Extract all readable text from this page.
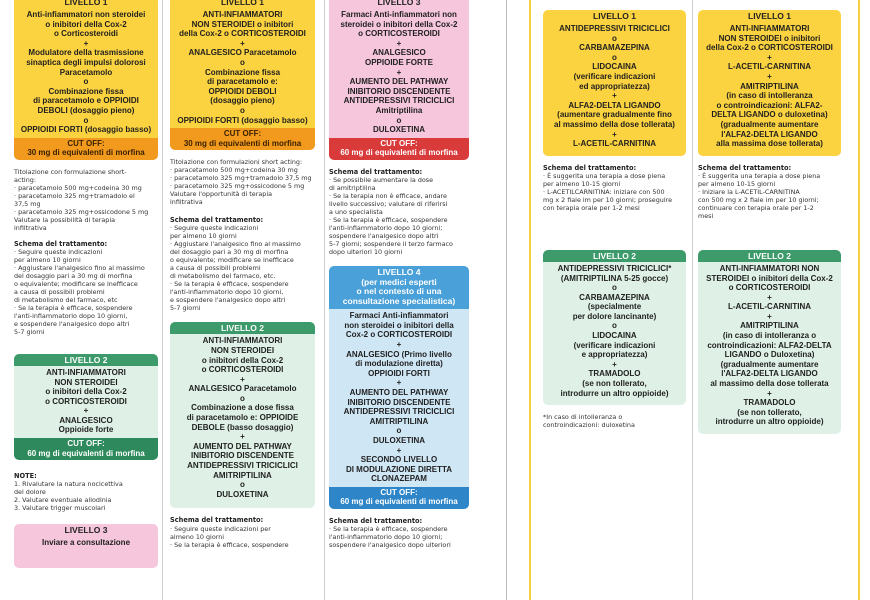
LIVELLO 1
Anti-infiammatori non steroidei
o inibitori della Cox-2
o Corticosteroidi
+
Modulatore della trasmissione
sinaptica degli impulsi dolorosi
Paracetamolo
o
Combinazione fissa
di paracetamolo e OPPIOIDI
DEBOLI (dosaggio pieno)
o
OPPIOIDI FORTI (dosaggio basso)
CUT OFF:
30 mg di equivalenti di morfina
Titolazione con formulazione short-
acting:
· paracetamolo 500 mg+codeina 30 mg
· paracetamolo 325 mg+tramadolo el
37,5 mg
· paracetamolo 325 mg+ossicodone 5 mg
Valutare la possibilità di terapia
infiltrativa
Schema del trattamento:
· Seguire queste indicazioni
per almeno 10 giorni
· Aggiustare l'analgesico fino al massimo
del dosaggio pari a 30 mg di morfina
o equivalente; modificare se inefficace
a causa di possibili problemi
di metabolismo del farmaco, etc
· Se la terapia è efficace, sospendere
l'anti-infiammatorio dopo 10 giorni,
e sospendere l'analgesico dopo altri
5-7 giorni
LIVELLO 2
ANTI-INFIAMMATORI
NON STEROIDEI
o inibitori della Cox-2
o CORTICOSTEROIDI
+
ANALGESICO
Oppioide forte
CUT OFF:
60 mg di equivalenti di morfina
NOTE:
1. Rivalutare la natura nocicettiva
del dolore
2. Valutare eventuale allodinia
3. Valutare trigger muscolari
LIVELLO 3
Inviare a consultazione
LIVELLO 1
ANTI-INFIAMMATORI
NON STEROIDEI o inibitori
della Cox-2 o CORTICOSTEROIDI
+
ANALGESICO Paracetamolo
o
Combinazione fissa
di paracetamolo e:
OPPIOIDI DEBOLI
(dosaggio pieno)
o
OPPIOIDI FORTI (dosaggio basso)
CUT OFF:
30 mg di equivalenti di morfina
Titolazione con formulazioni short acting:
· paracetamolo 500 mg+codeina 30 mg
· paracetamolo 325 mg+tramadolo 37,5 mg
· paracetamolo 325 mg+ossicodone 5 mg
Valutare l'opportunità di terapia
infiltrativa
Schema del trattamento:
· Seguire queste indicazioni
per almeno 10 giorni
· Aggiustare l'analgesico fino al massimo
del dosaggio pari a 30 mg di morfina
o equivalente; modificare se inefficace
a causa di possibili problemi
di metabolismo del farmaco, etc.
· Se la terapia è efficace, sospendere
l'anti-infiammatorio dopo 10 giorni,
e sospendere l'analgesico dopo altri
5-7 giorni
LIVELLO 2
ANTI-INFIAMMATORI
NON STEROIDEI
o inibitori della Cox-2
o CORTICOSTEROIDI
+
ANALGESICO Paracetamolo
o
Combinazione a dose fissa
di paracetamolo e: OPPIOIDE
DEBOLE (basso dosaggio)
+
AUMENTO DEL PATHWAY
INIBITORIO DISCENDENTE
ANTIDEPRESSIVI TRICICLICI
AMITRIPTILINA
o
DULOXETINA
Schema del trattamento:
· Seguire queste indicazioni per
almeno 10 giorni
· Se la terapia è efficace, sospendere
LIVELLO 3
Farmaci Anti-infiammatori non
steroidei o inibitori della Cox-2
o CORTICOSTEROIDI
+
ANALGESICO
OPPIOIDE FORTE
+
AUMENTO DEL PATHWAY
INIBITORIO DISCENDENTE
ANTIDEPRESSIVI TRICICLICI
Amitriptilina
o
DULOXETINA
CUT OFF:
60 mg di equivalenti di morfina
Schema del trattamento:
· Se possibile aumentare la dose
di amitriptilina
· Se la terapia non è efficace, andare
livello successivo; valutare di riferirsi
a uno specialista
· Se la terapia è efficace, sospendere
l'anti-infiammatorio dopo 10 giorni;
sospendere l'analgesico dopo altri
5-7 giorni; sospendere il terzo farmaco
dopo ulteriori 10 giorni
LIVELLO 4
(per medici esperti
o nel contesto di una
consultazione specialistica)
Farmaci Anti-infiammatori
non steroidei o inibitori della
Cox-2 o CORTICOSTEROIDI
+
ANALGESICO (Primo livello
di modulazione diretta)
OPPIOIDI FORTI
+
AUMENTO DEL PATHWAY
INIBITORIO DISCENDENTE
ANTIDEPRESSIVI TRICICLICI
AMITRIPTILINA
o
DULOXETINA
+
SECONDO LIVELLO
DI MODULAZIONE DIRETTA
CLONAZEPAM
CUT OFF:
60 mg di equivalenti di morfina
Schema del trattamento:
· Se la terapia è efficace, sospendere
l'anti-infiammatorio dopo 10 giorni;
sospendere l'analgesico dopo ulteriori
LIVELLO 1
ANTIDEPRESSIVI TRICICLICI
o
CARBAMAZEPINA
o
LIDOCAINA
(verificare indicazioni
ed appropriatezza)
+
ALFA2-DELTA LIGANDO
(aumentare gradualmente fino
al massimo della dose tollerata)
+
L-ACETIL-CARNITINA
Schema del trattamento:
· È suggerita una terapia a dose piena
per almeno 10-15 giorni
· L-ACETILCARNITINA: iniziare con 500
mg x 2 fiale im per 10 giorni; proseguire
con terapia orale per 1-2 mesi
LIVELLO 2
ANTIDEPRESSIVI TRICICLICI*
(AMITRIPTILINA 5-25 gocce)
o
CARBAMAZEPINA
(specialmente
per dolore lancinante)
o
LIDOCAINA
(verificare indicazioni
e appropriatezza)
+
TRAMADOLO
(se non tollerato,
introdurre un altro oppioide)
*In caso di intolleranza o
controindicazioni: duloxetina
LIVELLO 1
ANTI-INFIAMMATORI
NON STEROIDEI o inibitori
della Cox-2 o CORTICOSTEROIDI
+
L-ACETIL-CARNITINA
+
AMITRIPTILINA
(in caso di intolleranza
o controindicazioni: ALFA2-
DELTA LIGANDO o duloxetina)
(gradualmente aumentare
l'ALFA2-DELTA LIGANDO
alla massima dose tollerata)
Schema del trattamento:
· È suggerita una terapia a dose piena
per almeno 10-15 giorni
· Iniziare la L-ACETIL-CARNITINA
con 500 mg x 2 fiale im per 10 giorni;
continuare con terapia orale per 1-2
mesi
LIVELLO 2
ANTI-INFIAMMATORI NON
STEROIDEI o inibitori della Cox-2
o CORTICOSTEROIDI
+
L-ACETIL-CARNITINA
+
AMITRIPTILINA
(in caso di intolleranza o
controindicazioni: ALFA2-DELTA
LIGANDO o Duloxetina)
(gradualmente aumentare
l'ALFA2-DELTA LIGANDO
al massimo della dose tollerata
+
TRAMADOLO
(se non tollerato,
introdurre un altro oppioide)
